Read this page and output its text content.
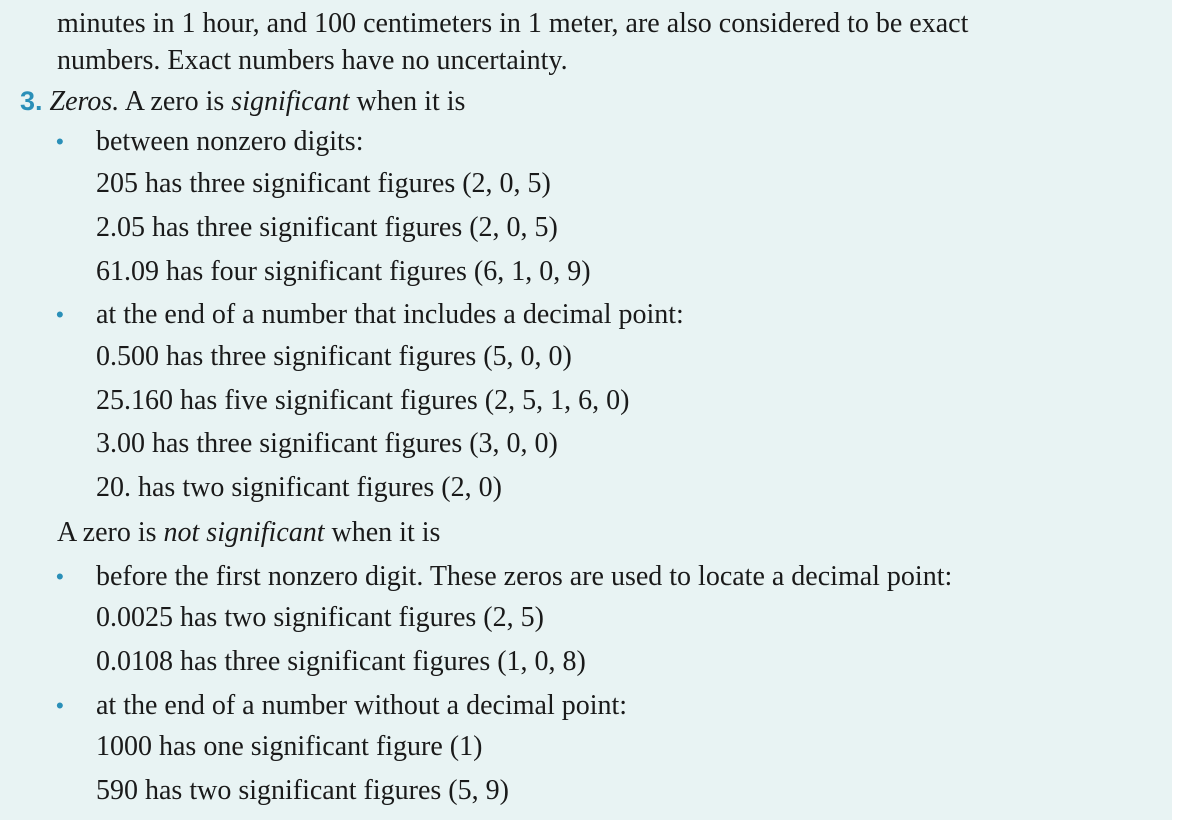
minutes in 1 hour, and 100 centimeters in 1 meter, are also considered to be exact
numbers. Exact numbers have no uncertainty.
3. Zeros. A zero is significant when it is
• between nonzero digits:
205 has three significant figures (2, 0, 5)
2.05 has three significant figures (2, 0, 5)
61.09 has four significant figures (6, 1, 0, 9)
• at the end of a number that includes a decimal point:
0.500 has three significant figures (5, 0, 0)
25.160 has five significant figures (2, 5, 1, 6, 0)
3.00 has three significant figures (3, 0, 0)
20. has two significant figures (2, 0)
A zero is not significant when it is
• before the first nonzero digit. These zeros are used to locate a decimal point:
0.0025 has two significant figures (2, 5)
0.0108 has three significant figures (1, 0, 8)
• at the end of a number without a decimal point:
1000 has one significant figure (1)
590 has two significant figures (5, 9)
